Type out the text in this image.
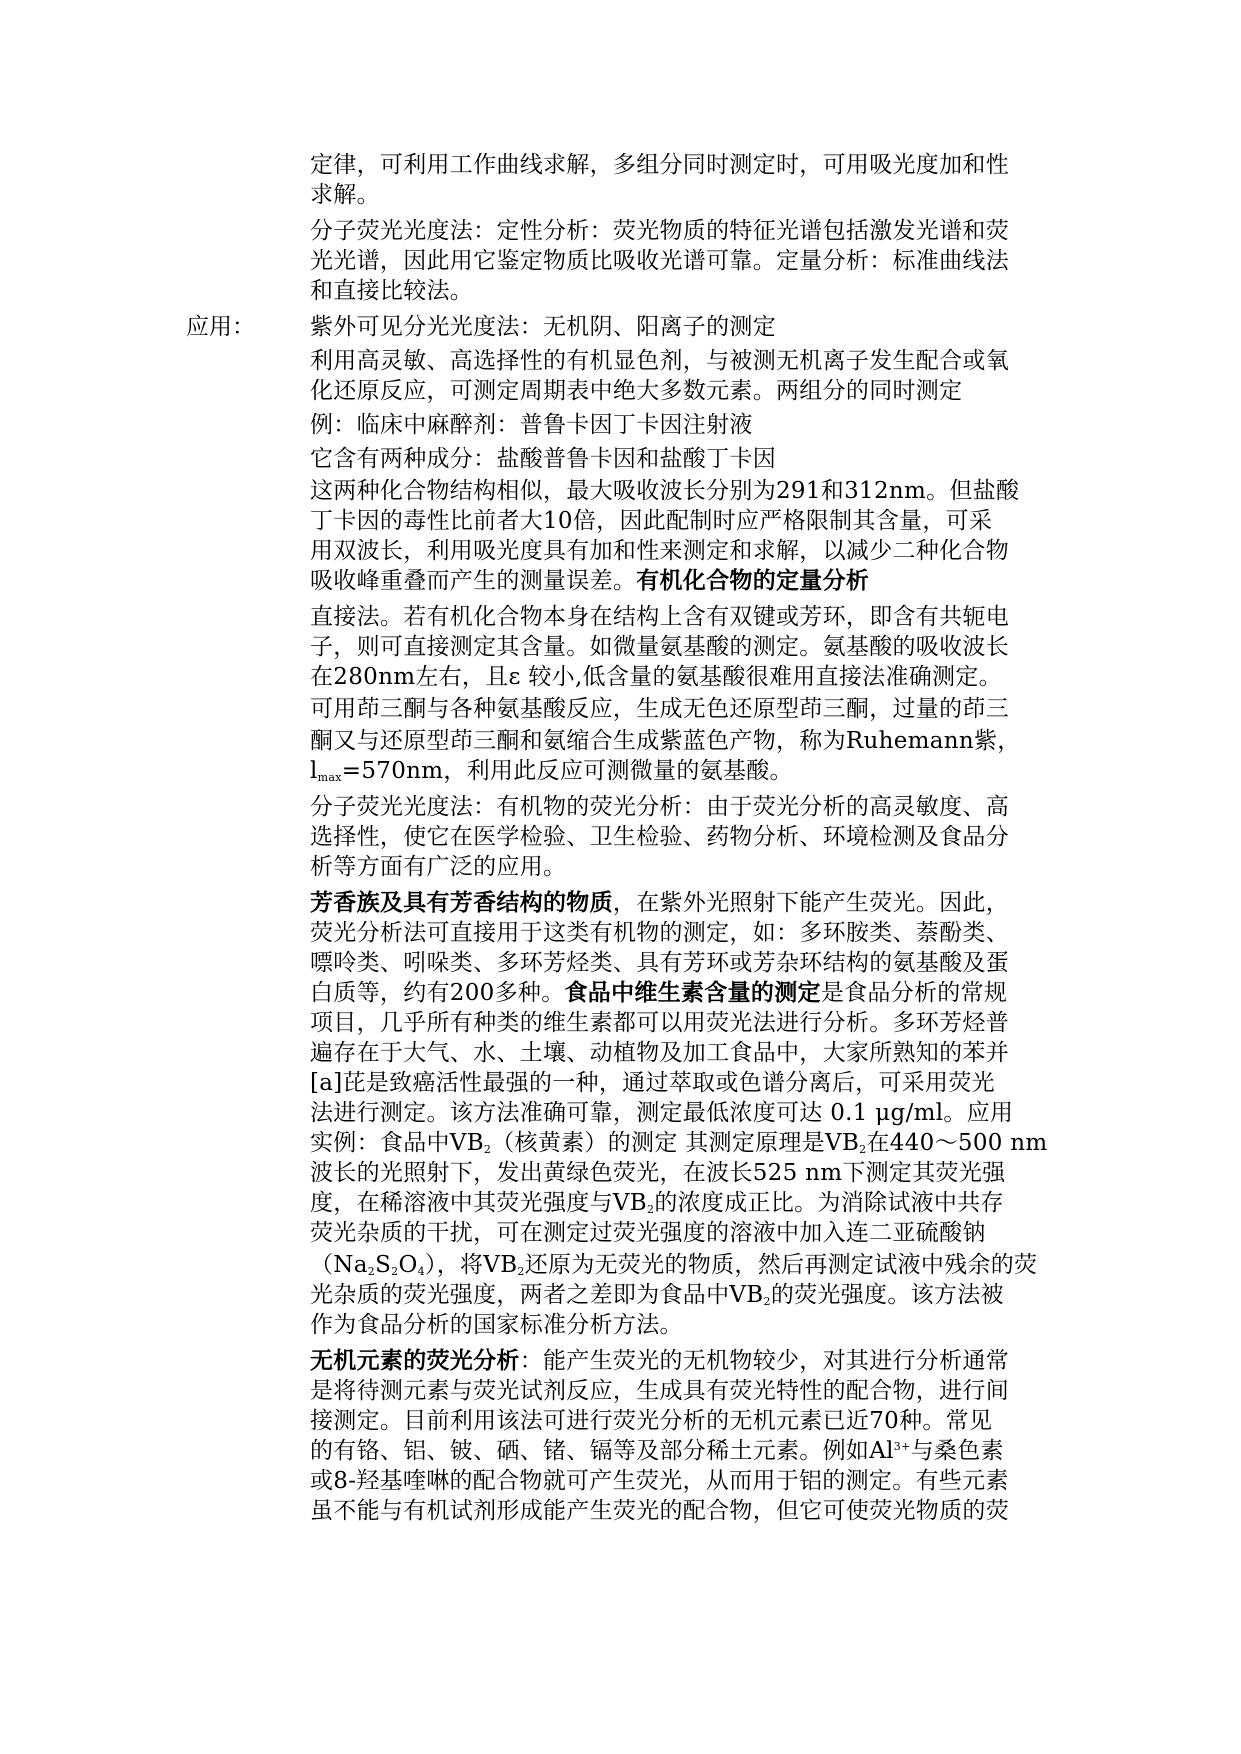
定律，可利用工作曲线求解，多组分同时测定时，可用吸光度加和性
求解。
分子荧光光度法：定性分析：荧光物质的特征光谱包括激发光谱和荧
光光谱，因此用它鉴定物质比吸收光谱可靠。定量分析：标准曲线法
和直接比较法。
应用： 紫外可见分光光度法：无机阴、阳离子的测定
利用高灵敏、高选择性的有机显色剂，与被测无机离子发生配合或氧
化还原反应，可测定周期表中绝大多数元素。两组分的同时测定
例：临床中麻醉剂：普鲁卡因丁卡因注射液
它含有两种成分：盐酸普鲁卡因和盐酸丁卡因
这两种化合物结构相似，最大吸收波长分别为291和312nm。但盐酸
丁卡因的毒性比前者大10倍，因此配制时应严格限制其含量，可采
用双波长，利用吸光度具有加和性来测定和求解，以减少二种化合物
吸收峰重叠而产生的测量误差。有机化合物的定量分析
直接法。若有机化合物本身在结构上含有双键或芳环，即含有共轭电
子，则可直接测定其含量。如微量氨基酸的测定。氨基酸的吸收波长
在280nm左右，且ε 较小,低含量的氨基酸很难用直接法准确测定。
可用茚三酮与各种氨基酸反应，生成无色还原型茚三酮，过量的茚三
酮又与还原型茚三酮和氨缩合生成紫蓝色产物，称为Ruhemann紫，
$l_{max}=570nm$，利用此反应可测微量的氨基酸。
分子荧光光度法：有机物的荧光分析：由于荧光分析的高灵敏度、高
选择性，使它在医学检验、卫生检验、药物分析、环境检测及食品分
析等方面有广泛的应用。
芳香族及具有芳香结构的物质，在紫外光照射下能产生荧光。因此，
荧光分析法可直接用于这类有机物的测定，如：多环胺类、萘酚类、
嘌呤类、吲哚类、多环芳烃类、具有芳环或芳杂环结构的氨基酸及蛋
白质等，约有200多种。食品中维生素含量的测定是食品分析的常规
项目，几乎所有种类的维生素都可以用荧光法进行分析。多环芳烃普
遍存在于大气、水、土壤、动植物及加工食品中，大家所熟知的苯并
[a]芘是致癌活性最强的一种，通过萃取或色谱分离后，可采用荧光
法进行测定。该方法准确可靠，测定最低浓度可达 0.1 μg/ml。应用
实例：食品中$VB_2$（核黄素）的测定 其测定原理是$VB_2$在440～500 nm
波长的光照射下，发出黄绿色荧光，在波长525 nm下测定其荧光强
度，在稀溶液中其荧光强度与$VB_2$的浓度成正比。为消除试液中共存
荧光杂质的干扰，可在测定过荧光强度的溶液中加入连二亚硫酸钠
$(Na_2S_2O_4)$，将$VB_2$还原为无荧光的物质，然后再测定试液中残余的荧
光杂质的荧光强度，两者之差即为食品中$VB_2$的荧光强度。该方法被
作为食品分析的国家标准分析方法。
无机元素的荧光分析：能产生荧光的无机物较少，对其进行分析通常
是将待测元素与荧光试剂反应，生成具有荧光特性的配合物，进行间
接测定。目前利用该法可进行荧光分析的无机元素已近70种。常见
的有铬、铝、铍、硒、锗、镉等及部分稀土元素。例如$Al^{3+}$与桑色素
或8-羟基喹啉的配合物就可产生荧光，从而用于铝的测定。有些元素
虽不能与有机试剂形成能产生荧光的配合物，但它可使荧光物质的荧
